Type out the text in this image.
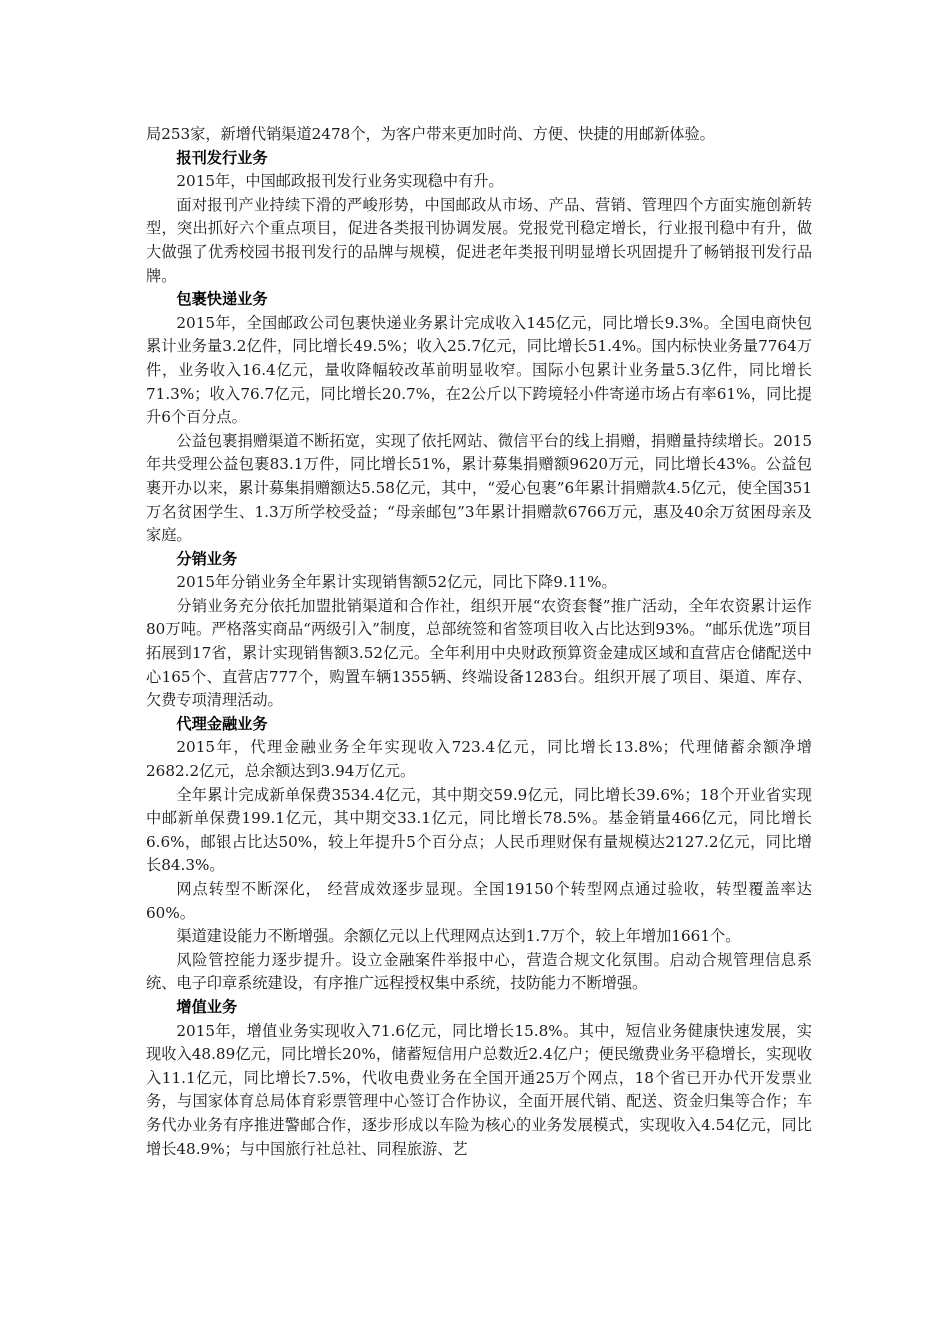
局253家，新增代销渠道2478个，为客户带来更加时尚、方便、快捷的用邮新体验。

报刊发行业务

2015年，中国邮政报刊发行业务实现稳中有升。

面对报刊产业持续下滑的严峻形势，中国邮政从市场、产品、营销、管理四个方面实施创新转型，突出抓好六个重点项目，促进各类报刊协调发展。党报党刊稳定增长，行业报刊稳中有升，做大做强了优秀校园书报刊发行的品牌与规模，促进老年类报刊明显增长巩固提升了畅销报刊发行品牌。

包裹快递业务

2015年，全国邮政公司包裹快递业务累计完成收入145亿元，同比增长9.3%。全国电商快包累计业务量3.2亿件，同比增长49.5%；收入25.7亿元，同比增长51.4%。国内标快业务量7764万件，业务收入16.4亿元，量收降幅较改革前明显收窄。国际小包累计业务量5.3亿件，同比增长71.3%；收入76.7亿元，同比增长20.7%，在2公斤以下跨境轻小件寄递市场占有率61%，同比提升6个百分点。

公益包裹捐赠渠道不断拓宽，实现了依托网站、微信平台的线上捐赠，捐赠量持续增长。2015年共受理公益包裹83.1万件，同比增长51%，累计募集捐赠额9620万元，同比增长43%。公益包裹开办以来，累计募集捐赠额达5.58亿元，其中，“爱心包裹”6年累计捐赠款4.5亿元，使全国351万名贫困学生、1.3万所学校受益；“母亲邮包”3年累计捐赠款6766万元，惠及40余万贫困母亲及家庭。

分销业务

2015年分销业务全年累计实现销售额52亿元，同比下降9.11%。

分销业务充分依托加盟批销渠道和合作社，组织开展“农资套餐”推广活动，全年农资累计运作80万吨。严格落实商品“两级引入”制度，总部统签和省签项目收入占比达到93%。“邮乐优选”项目拓展到17省，累计实现销售额3.52亿元。全年利用中央财政预算资金建成区域和直营店仓储配送中心165个、直营店777个，购置车辆1355辆、终端设备1283台。组织开展了项目、渠道、库存、欠费专项清理活动。

代理金融业务

2015年，代理金融业务全年实现收入723.4亿元，同比增长13.8%；代理储蓄余额净增2682.2亿元，总余额达到3.94万亿元。

全年累计完成新单保费3534.4亿元，其中期交59.9亿元，同比增长39.6%；18个开业省实现中邮新单保费199.1亿元，其中期交33.1亿元，同比增长78.5%。基金销量466亿元，同比增长6.6%，邮银占比达50%，较上年提升5个百分点；人民币理财保有量规模达2127.2亿元，同比增长84.3%。

网点转型不断深化， 经营成效逐步显现。全国19150个转型网点通过验收，转型覆盖率达60%。

渠道建设能力不断增强。余额亿元以上代理网点达到1.7万个，较上年增加1661个。

风险管控能力逐步提升。设立金融案件举报中心，营造合规文化氛围。启动合规管理信息系统、电子印章系统建设，有序推广远程授权集中系统，技防能力不断增强。

增值业务

2015年，增值业务实现收入71.6亿元，同比增长15.8%。其中，短信业务健康快速发展，实现收入48.89亿元，同比增长20%，储蓄短信用户总数近2.4亿户；便民缴费业务平稳增长，实现收入11.1亿元，同比增长7.5%，代收电费业务在全国开通25万个网点，18个省已开办代开发票业务，与国家体育总局体育彩票管理中心签订合作协议，全面开展代销、配送、资金归集等合作；车务代办业务有序推进警邮合作，逐步形成以车险为核心的业务发展模式，实现收入4.54亿元，同比增长48.9%；与中国旅行社总社、同程旅游、艺
